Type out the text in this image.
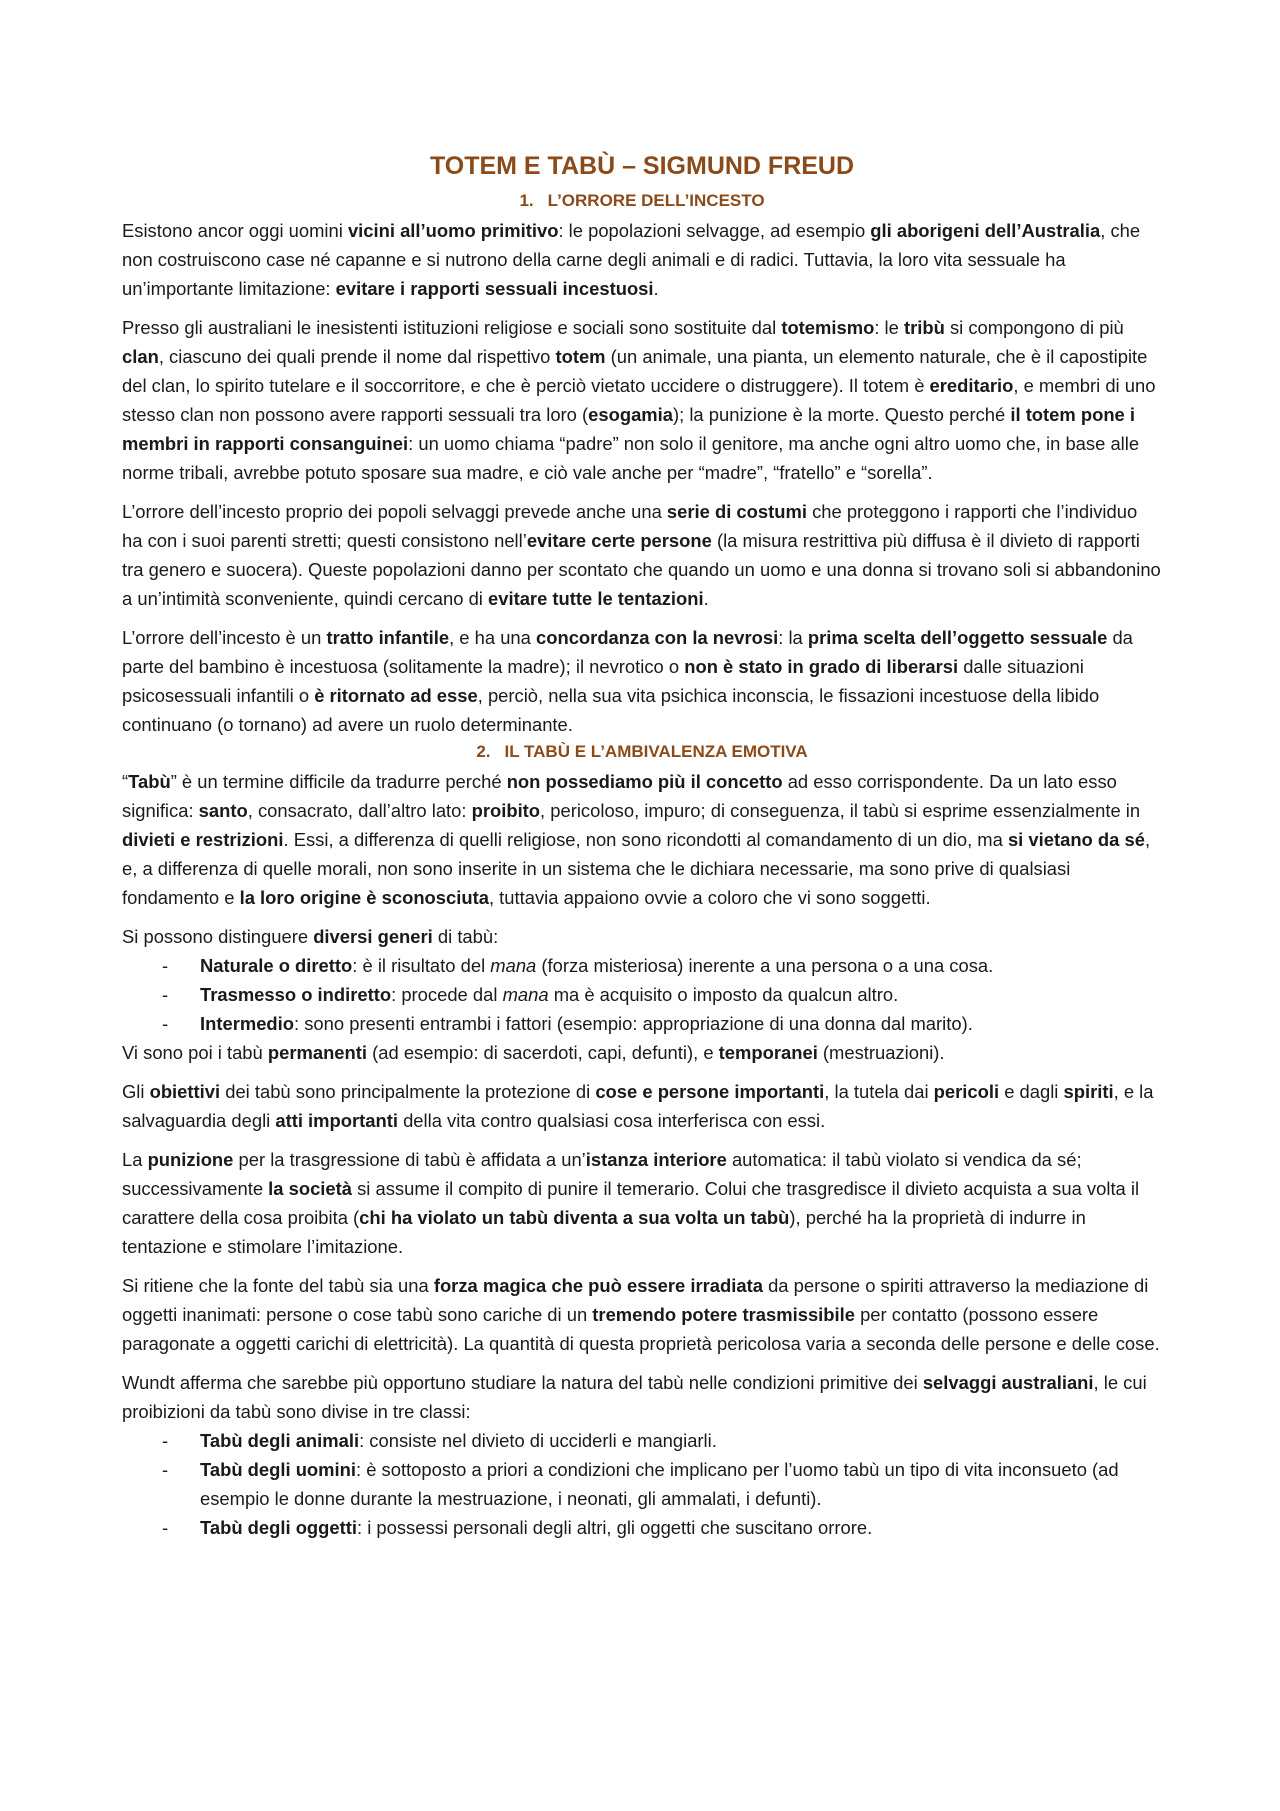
TOTEM E TABÙ – SIGMUND FREUD
1. L’ORRORE DELL’INCESTO

Esistono ancor oggi uomini vicini all’uomo primitivo: le popolazioni selvagge, ad esempio gli aborigeni dell’Australia, che non costruiscono case né capanne e si nutrono della carne degli animali e di radici. Tuttavia, la loro vita sessuale ha un’importante limitazione: evitare i rapporti sessuali incestuosi.

Presso gli australiani le inesistenti istituzioni religiose e sociali sono sostituite dal totemismo: le tribù si compongono di più clan, ciascuno dei quali prende il nome dal rispettivo totem (un animale, una pianta, un elemento naturale, che è il capostipite del clan, lo spirito tutelare e il soccorritore, e che è perciò vietato uccidere o distruggere). Il totem è ereditario, e membri di uno stesso clan non possono avere rapporti sessuali tra loro (esogamia); la punizione è la morte. Questo perché il totem pone i membri in rapporti consanguinei: un uomo chiama “padre” non solo il genitore, ma anche ogni altro uomo che, in base alle norme tribali, avrebbe potuto sposare sua madre, e ciò vale anche per “madre”, “fratello” e “sorella”.

L’orrore dell’incesto proprio dei popoli selvaggi prevede anche una serie di costumi che proteggono i rapporti che l’individuo ha con i suoi parenti stretti; questi consistono nell’evitare certe persone (la misura restrittiva più diffusa è il divieto di rapporti tra genero e suocera). Queste popolazioni danno per scontato che quando un uomo e una donna si trovano soli si abbandonino a un’intimità sconveniente, quindi cercano di evitare tutte le tentazioni.

L’orrore dell’incesto è un tratto infantile, e ha una concordanza con la nevrosi: la prima scelta dell’oggetto sessuale da parte del bambino è incestuosa (solitamente la madre); il nevrotico o non è stato in grado di liberarsi dalle situazioni psicosessuali infantili o è ritornato ad esse, perciò, nella sua vita psichica inconscia, le fissazioni incestuose della libido continuano (o tornano) ad avere un ruolo determinante.

2. IL TABÙ E L’AMBIVALENZA EMOTIVA

“Tabù” è un termine difficile da tradurre perché non possediamo più il concetto ad esso corrispondente. Da un lato esso significa: santo, consacrato, dall’altro lato: proibito, pericoloso, impuro; di conseguenza, il tabù si esprime essenzialmente in divieti e restrizioni. Essi, a differenza di quelli religiose, non sono ricondotti al comandamento di un dio, ma si vietano da sé, e, a differenza di quelle morali, non sono inserite in un sistema che le dichiara necessarie, ma sono prive di qualsiasi fondamento e la loro origine è sconosciuta, tuttavia appaiono ovvie a coloro che vi sono soggetti.

Si possono distinguere diversi generi di tabù:

- Naturale o diretto: è il risultato del mana (forza misteriosa) inerente a una persona o a una cosa.
- Trasmesso o indiretto: procede dal mana ma è acquisito o imposto da qualcun altro.
- Intermedio: sono presenti entrambi i fattori (esempio: appropriazione di una donna dal marito).

Vi sono poi i tabù permanenti (ad esempio: di sacerdoti, capi, defunti), e temporanei (mestruazioni).

Gli obiettivi dei tabù sono principalmente la protezione di cose e persone importanti, la tutela dai pericoli e dagli spiriti, e la salvaguardia degli atti importanti della vita contro qualsiasi cosa interferisca con essi.

La punizione per la trasgressione di tabù è affidata a un’istanza interiore automatica: il tabù violato si vendica da sé; successivamente la società si assume il compito di punire il temerario. Colui che trasgredisce il divieto acquista a sua volta il carattere della cosa proibita (chi ha violato un tabù diventa a sua volta un tabù), perché ha la proprietà di indurre in tentazione e stimolare l’imitazione.

Si ritiene che la fonte del tabù sia una forza magica che può essere irradiata da persone o spiriti attraverso la mediazione di oggetti inanimati: persone o cose tabù sono cariche di un tremendo potere trasmissibile per contatto (possono essere paragonate a oggetti carichi di elettricità). La quantità di questa proprietà pericolosa varia a seconda delle persone e delle cose.

Wundt afferma che sarebbe più opportuno studiare la natura del tabù nelle condizioni primitive dei selvaggi australiani, le cui proibizioni da tabù sono divise in tre classi:

- Tabù degli animali: consiste nel divieto di ucciderli e mangiarli.
- Tabù degli uomini: è sottoposto a priori a condizioni che implicano per l’uomo tabù un tipo di vita inconsueto (ad esempio le donne durante la mestruazione, i neonati, gli ammalati, i defunti).
- Tabù degli oggetti: i possessi personali degli altri, gli oggetti che suscitano orrore.
